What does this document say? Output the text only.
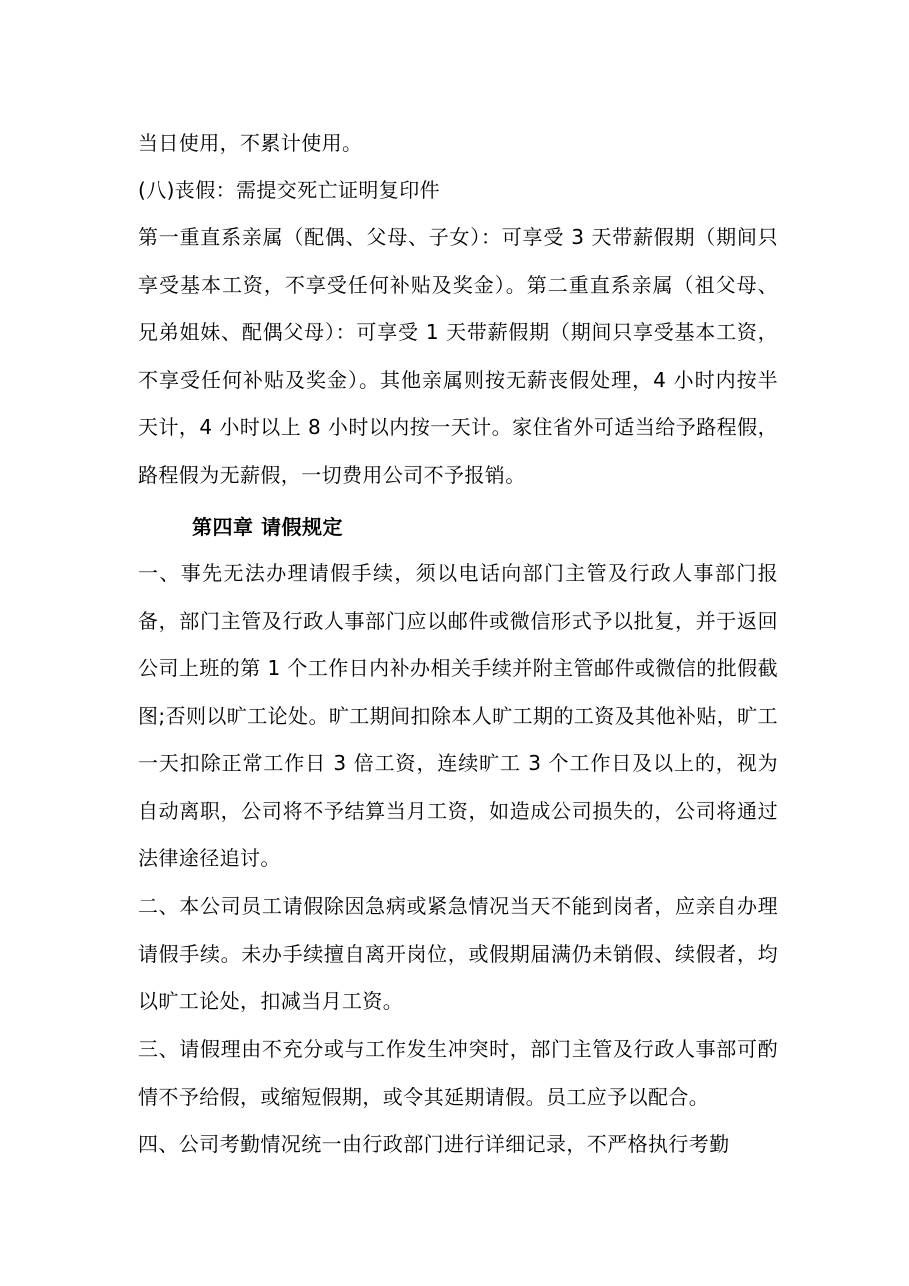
当日使用，不累计使用。
(八)丧假：需提交死亡证明复印件
第一重直系亲属（配偶、父母、子女）：可享受 3 天带薪假期（期间只享受基本工资，不享受任何补贴及奖金）。第二重直系亲属（祖父母、兄弟姐妹、配偶父母）：可享受 1 天带薪假期（期间只享受基本工资，不享受任何补贴及奖金）。其他亲属则按无薪丧假处理，4 小时内按半天计，4 小时以上 8 小时以内按一天计。家住省外可适当给予路程假，路程假为无薪假，一切费用公司不予报销。
第四章 请假规定
一、事先无法办理请假手续，须以电话向部门主管及行政人事部门报备，部门主管及行政人事部门应以邮件或微信形式予以批复，并于返回公司上班的第 1 个工作日内补办相关手续并附主管邮件或微信的批假截图;否则以旷工论处。旷工期间扣除本人旷工期的工资及其他补贴，旷工一天扣除正常工作日 3 倍工资，连续旷工 3 个工作日及以上的，视为自动离职，公司将不予结算当月工资，如造成公司损失的，公司将通过法律途径追讨。
二、本公司员工请假除因急病或紧急情况当天不能到岗者，应亲自办理请假手续。未办手续擅自离开岗位，或假期届满仍未销假、续假者，均以旷工论处，扣减当月工资。
三、请假理由不充分或与工作发生冲突时，部门主管及行政人事部可酌情不予给假，或缩短假期，或令其延期请假。员工应予以配合。
四、公司考勤情况统一由行政部门进行详细记录，不严格执行考勤
